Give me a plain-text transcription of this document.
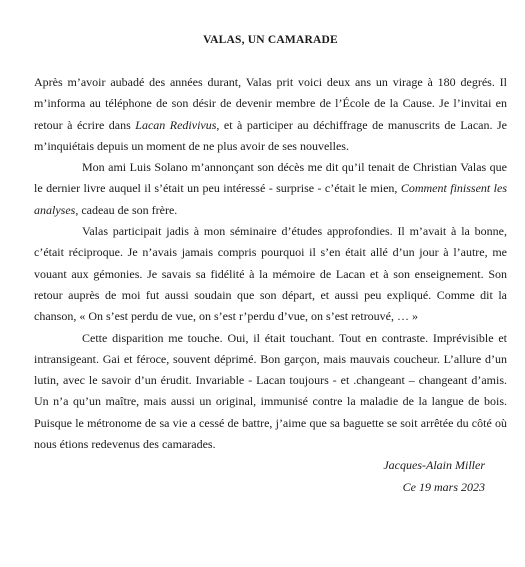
VALAS, UN CAMARADE

Après m’avoir aubadé des années durant, Valas prit voici deux ans un virage à 180 degrés. Il m’informa au téléphone de son désir de devenir membre de l’École de la Cause. Je l’invitai en retour à écrire dans Lacan Redivivus, et à participer au déchiffrage de manuscrits de Lacan. Je m’inquiétais depuis un moment de ne plus avoir de ses nouvelles.

Mon ami Luis Solano m’annonçant son décès me dit qu’il tenait de Christian Valas que le dernier livre auquel il s’était un peu intéressé - surprise - c’était le mien, Comment finissent les analyses, cadeau de son frère.

Valas participait jadis à mon séminaire d’études approfondies. Il m’avait à la bonne, c’était réciproque. Je n’avais jamais compris pourquoi il s’en était allé d’un jour à l’autre, me vouant aux gémonies. Je savais sa fidélité à la mémoire de Lacan et à son enseignement. Son retour auprès de moi fut aussi soudain que son départ, et aussi peu expliqué. Comme dit la chanson, « On s’est perdu de vue, on s’est r’perdu d’vue, on s’est retrouvé, … »

Cette disparition me touche. Oui, il était touchant. Tout en contraste. Imprévisible et intransigeant. Gai et féroce, souvent déprimé. Bon garçon, mais mauvais coucheur. L’allure d’un lutin, avec le savoir d’un érudit. Invariable - Lacan toujours - et .changeant – changeant d’amis. Un n’a qu’un maître, mais aussi un original, immunisé contre la maladie de la langue de bois. Puisque le métronome de sa vie a cessé de battre, j’aime que sa baguette se soit arrêtée du côté où nous étions redevenus des camarades.

Jacques-Alain Miller
Ce 19 mars 2023
